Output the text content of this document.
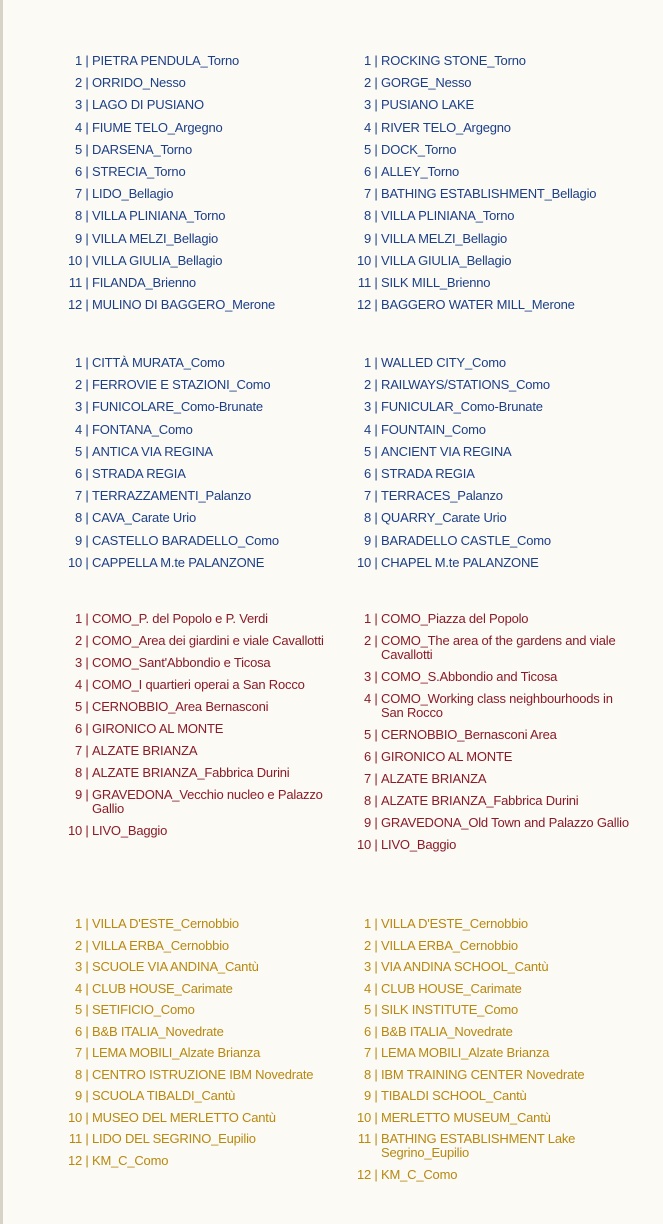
1 | PIETRA PENDULA_Torno
2 | ORRIDO_Nesso
3 | LAGO DI PUSIANO
4 | FIUME TELO_Argegno
5 | DARSENA_Torno
6 | STRECIA_Torno
7 | LIDO_Bellagio
8 | VILLA PLINIANA_Torno
9 | VILLA MELZI_Bellagio
10 | VILLA GIULIA_Bellagio
11 | FILANDA_Brienno
12 | MULINO DI BAGGERO_Merone
1 | ROCKING STONE_Torno
2 | GORGE_Nesso
3 | PUSIANO LAKE
4 | RIVER TELO_Argegno
5 | DOCK_Torno
6 | ALLEY_Torno
7 | BATHING ESTABLISHMENT_Bellagio
8 | VILLA PLINIANA_Torno
9 | VILLA MELZI_Bellagio
10 | VILLA GIULIA_Bellagio
11 | SILK MILL_Brienno
12 | BAGGERO WATER MILL_Merone
1 | CITTÀ MURATA_Como
2 | FERROVIE E STAZIONI_Como
3 | FUNICOLARE_Como-Brunate
4 | FONTANA_Como
5 | ANTICA VIA REGINA
6 | STRADA REGIA
7 | TERRAZZAMENTI_Palanzo
8 | CAVA_Carate Urio
9 | CASTELLO BARADELLO_Como
10 | CAPPELLA M.te PALANZONE
1 | WALLED CITY_Como
2 | RAILWAYS/STATIONS_Como
3 | FUNICULAR_Como-Brunate
4 | FOUNTAIN_Como
5 | ANCIENT VIA REGINA
6 | STRADA REGIA
7 | TERRACES_Palanzo
8 | QUARRY_Carate Urio
9 | BARADELLO CASTLE_Como
10 | CHAPEL M.te PALANZONE
1 | COMO_P. del Popolo e P. Verdi
2 | COMO_Area dei giardini e viale Cavallotti
3 | COMO_Sant'Abbondio e Ticosa
4 | COMO_I quartieri operai a San Rocco
5 | CERNOBBIO_Area Bernasconi
6 | GIRONICO AL MONTE
7 | ALZATE BRIANZA
8 | ALZATE BRIANZA_Fabbrica Durini
9 | GRAVEDONA_Vecchio nucleo e Palazzo Gallio
10 | LIVO_Baggio
1 | COMO_Piazza del Popolo
2 | COMO_The area of the gardens and viale Cavallotti
3 | COMO_S.Abbondio and Ticosa
4 | COMO_Working class neighbourhoods in San Rocco
5 | CERNOBBIO_Bernasconi Area
6 | GIRONICO AL MONTE
7 | ALZATE BRIANZA
8 | ALZATE BRIANZA_Fabbrica Durini
9 | GRAVEDONA_Old Town and Palazzo Gallio
10 | LIVO_Baggio
1 | VILLA D'ESTE_Cernobbio
2 | VILLA ERBA_Cernobbio
3 | SCUOLE VIA ANDINA_Cantù
4 | CLUB HOUSE_Carimate
5 | SETIFICIO_Como
6 | B&B ITALIA_Novedrate
7 | LEMA MOBILI_Alzate Brianza
8 | CENTRO ISTRUZIONE IBM Novedrate
9 | SCUOLA TIBALDI_Cantù
10 | MUSEO DEL MERLETTO Cantù
11 | LIDO DEL SEGRINO_Eupilio
12 | KM_C_Como
1 | VILLA D'ESTE_Cernobbio
2 | VILLA ERBA_Cernobbio
3 | VIA ANDINA SCHOOL_Cantù
4 | CLUB HOUSE_Carimate
5 | SILK INSTITUTE_Como
6 | B&B ITALIA_Novedrate
7 | LEMA MOBILI_Alzate Brianza
8 | IBM TRAINING CENTER Novedrate
9 | TIBALDI SCHOOL_Cantù
10 | MERLETTO MUSEUM_Cantù
11 | BATHING ESTABLISHMENT Lake Segrino_Eupilio
12 | KM_C_Como
